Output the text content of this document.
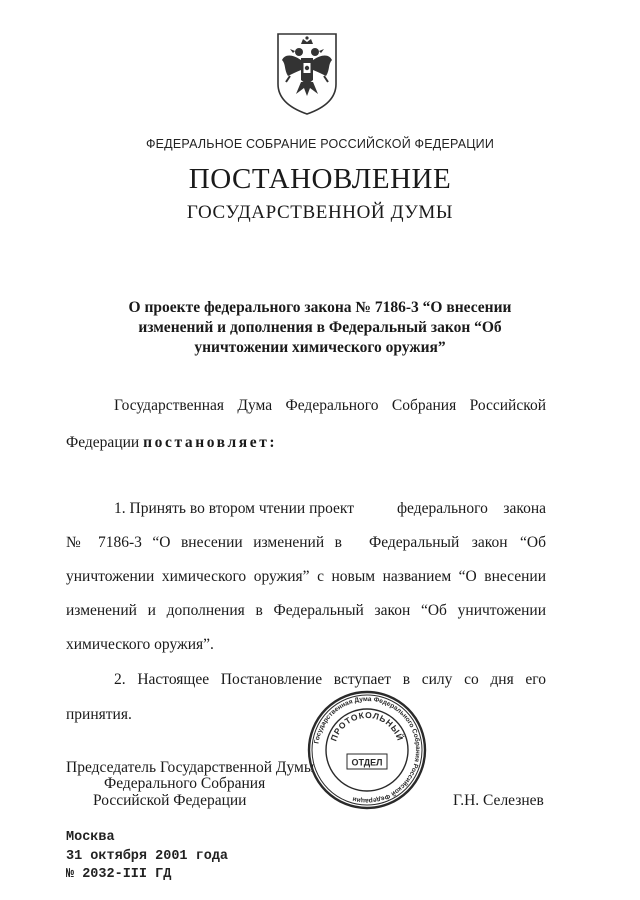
ФЕДЕРАЛЬНОЕ СОБРАНИЕ РОССИЙСКОЙ ФЕДЕРАЦИИ
ПОСТАНОВЛЕНИЕ
ГОСУДАРСТВЕННОЙ ДУМЫ
О проекте федерального закона № 7186-3 “О внесении
изменений и дополнения в Федеральный закон “Об
уничтожении химического оружия”
Государственная Дума Федерального Собрания Российской
Федерации постановляет:
1. Принять во втором чтении проект	федерального закона
№ 7186-3 “О внесении изменений в Федеральный закон “Об
уничтожении химического оружия” с новым названием “О внесении
изменений и дополнения в Федеральный закон “Об уничтожении
химического оружия”.
2. Настоящее Постановление вступает в силу со дня его
принятия.
Председатель Государственной Думы
Федерального Собрания
Российской Федерации	Г.Н. Селезнев
Государственная Дума Федерального Собрания Российской Федерации
ПРОТОКОЛЬНЫЙ
ОТДЕЛ
Москва
31 октября 2001 года
№ 2032-III ГД
